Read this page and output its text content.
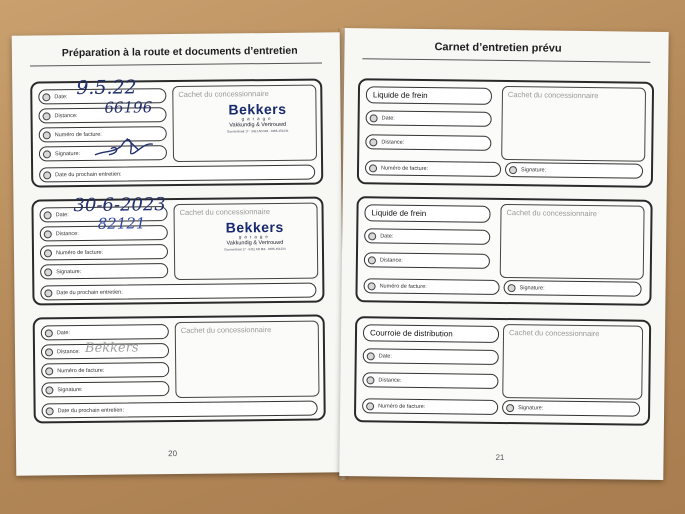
Préparation à la route et documents d’entretien
Date:
Distance:
Numéro de facture:
Signature:
Date du prochain entretien:
Cachet du concessionnaire
Bekkers
garage
Vakkundig & Vertrouwd
Goorsestraat 17 · 5451 AD Mill · 0485-451234
9.5.22
66196
Date:
Distance:
Numéro de facture:
Signature:
Date du prochain entretien:
Cachet du concessionnaire
Bekkers
garage
Vakkundig & Vertrouwd
Goorsestraat 17 · 5451 AD Mill · 0485-451234
30-6-2023
82121
Date:
Distance:
Numéro de facture:
Signature:
Date du prochain entretien:
Cachet du concessionnaire
Bekkers
20
Carnet d’entretien prévu
Liquide de frein
Date:
Distance:
Numéro de facture:
Cachet du concessionnaire
Signature:
Liquide de frein
Date:
Distance:
Numéro de facture:
Cachet du concessionnaire
Signature:
Courroie de distribution
Date:
Distance:
Numéro de facture:
Cachet du concessionnaire
Signature:
21
